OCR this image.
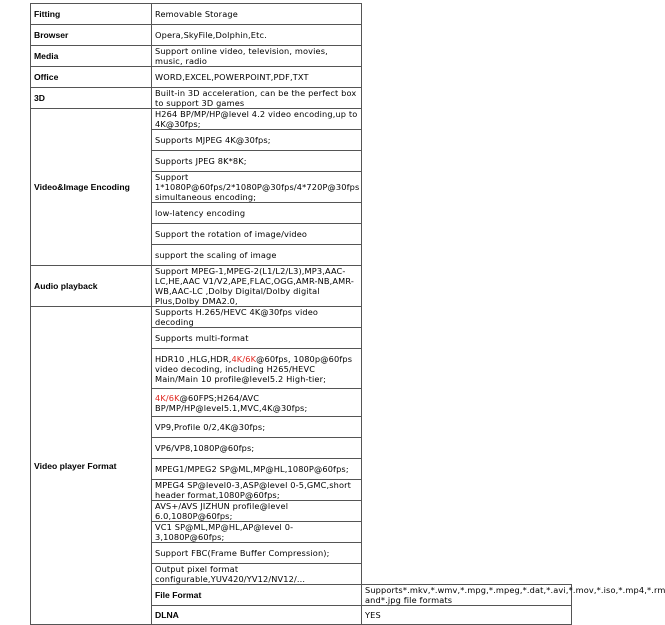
Fitting	Removable Storage	
Browser	Opera,SkyFile,Dolphin,Etc.	
Media	Support online video, television, movies, music, radio	
Office	WORD,EXCEL,POWERPOINT,PDF,TXT	
3D	Built-in 3D acceleration, can be the perfect box to support 3D games	
Video&Image Encoding	H264 BP/MP/HP@level 4.2 video encoding,up to 4K@30fps;	
	Supports MJPEG 4K@30fps;	
	Supports JPEG 8K*8K;	
	Support 1*1080P@60fps/2*1080P@30fps/4*720P@30fps simultaneous encoding;	
	low-latency encoding	
	Support the rotation of image/video	
	support the scaling of image	
Audio playback	Support MPEG-1,MPEG-2(L1/L2/L3),MP3,AAC-LC,HE,AAC V1/V2,APE,FLAC,OGG,AMR-NB,AMR-WB,AAC-LC ,Dolby Digital/Dolby digital Plus,Dolby DMA2.0,	
Video player Format	Supports H.265/HEVC 4K@30fps video decoding	
	Supports multi-format	
	HDR10 ,HLG,HDR,4K/6K@60fps, 1080p@60fps video decoding, including H265/HEVC Main/Main 10 profile@level5.2 High-tier;	
	4K/6K@60FPS;H264/AVC BP/MP/HP@level5.1,MVC,4K@30fps;	
	VP9,Profile 0/2,4K@30fps;	
	VP6/VP8,1080P@60fps;	
	MPEG1/MPEG2 SP@ML,MP@HL,1080P@60fps;	
	MPEG4 SP@level0-3,ASP@level 0-5,GMC,short header format,1080P@60fps;	
	AVS+/AVS JIZHUN profile@level 6.0,1080P@60fps;	
	VC1 SP@ML,MP@HL,AP@level 0-3,1080P@60fps;	
	Support FBC(Frame Buffer Compression);	
	Output pixel format configurable,YUV420/YV12/NV12/...	
	File Format	Supports*.mkv,*.wmv,*.mpg,*.mpeg,*.dat,*.avi,*.mov,*.iso,*.mp4,*.rm and*.jpg file formats
	DLNA	YES
